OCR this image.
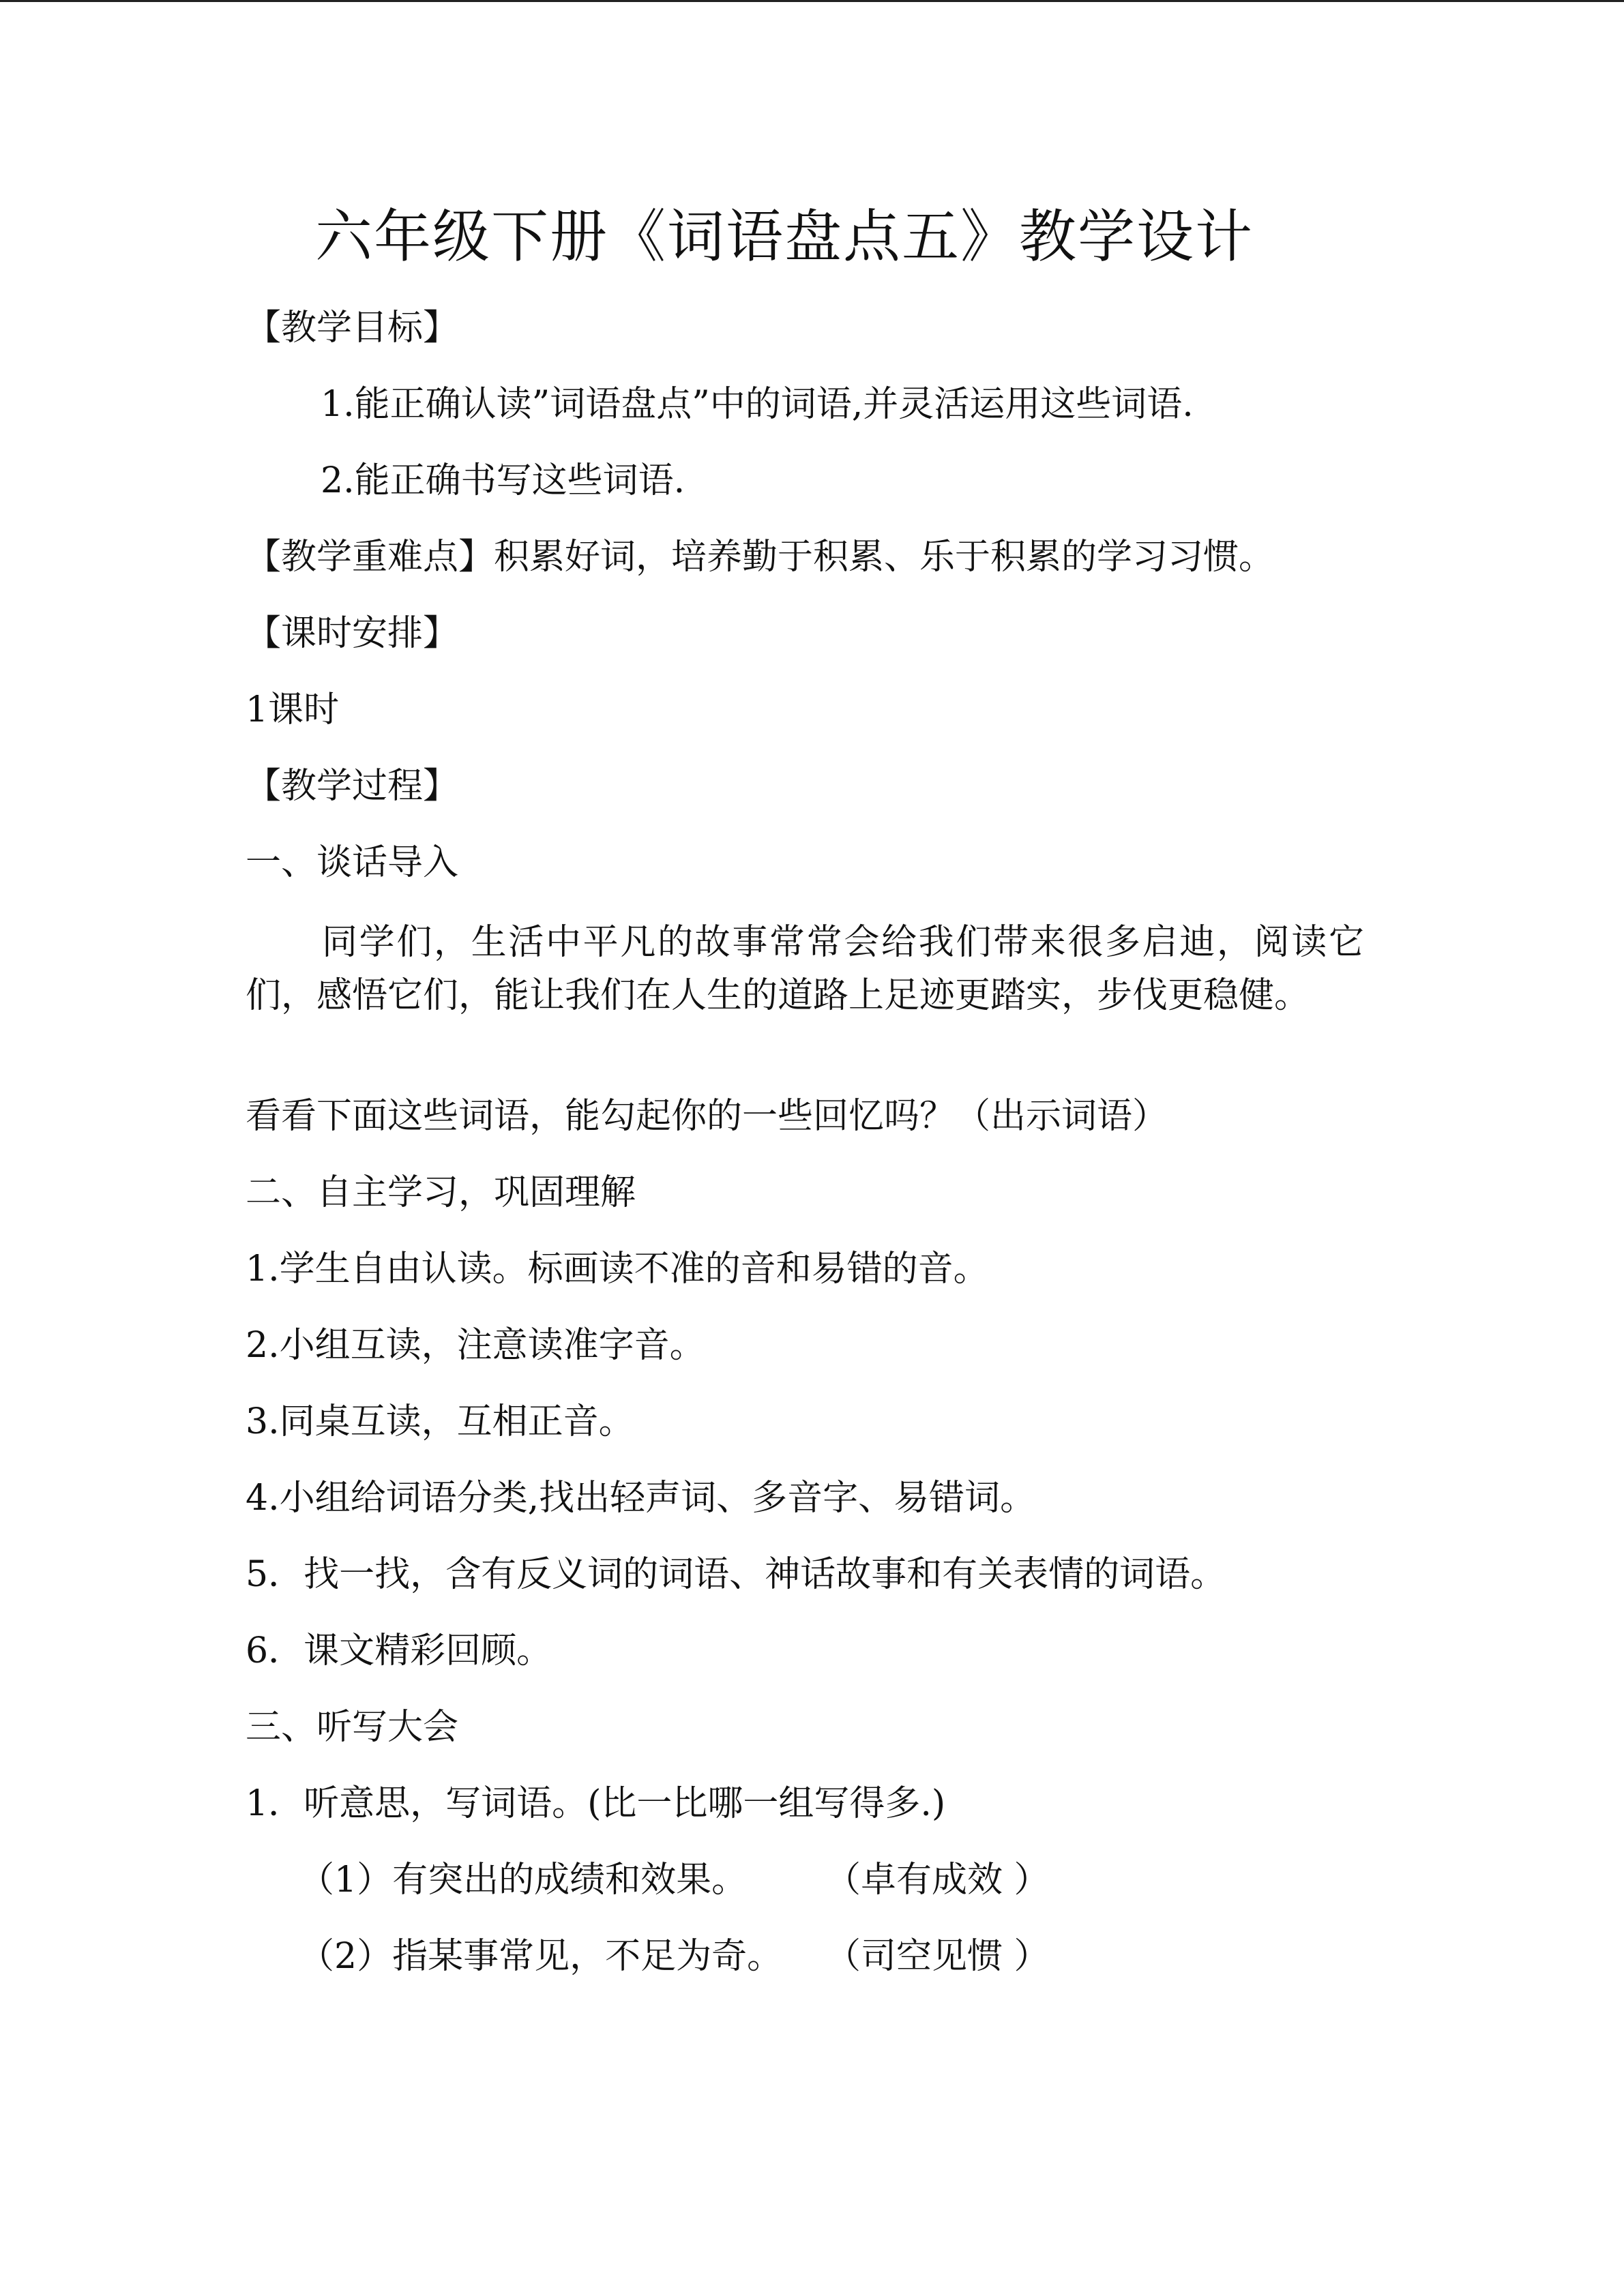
六年级下册《词语盘点五》教学设计
【教学目标】
1.能正确认读”词语盘点”中的词语,并灵活运用这些词语.
2.能正确书写这些词语.
【教学重难点】积累好词，培养勤于积累、乐于积累的学习习惯。
【课时安排】
1课时
【教学过程】
一、谈话导入
同学们，生活中平凡的故事常常会给我们带来很多启迪，阅读它们，感悟它们，能让我们在人生的道路上足迹更踏实，步伐更稳健。
看看下面这些词语，能勾起你的一些回忆吗？（出示词语）
二、自主学习，巩固理解
1.学生自由认读。标画读不准的音和易错的音。
2.小组互读，注意读准字音。
3.同桌互读，互相正音。
4.小组给词语分类,找出轻声词、多音字、易错词。
5．找一找，含有反义词的词语、神话故事和有关表情的词语。
6．课文精彩回顾。
三、听写大会
1．听意思，写词语。(比一比哪一组写得多.)
（1）有突出的成绩和效果。 （卓有成效 ）
（2）指某事常见，不足为奇。 （司空见惯 ）
